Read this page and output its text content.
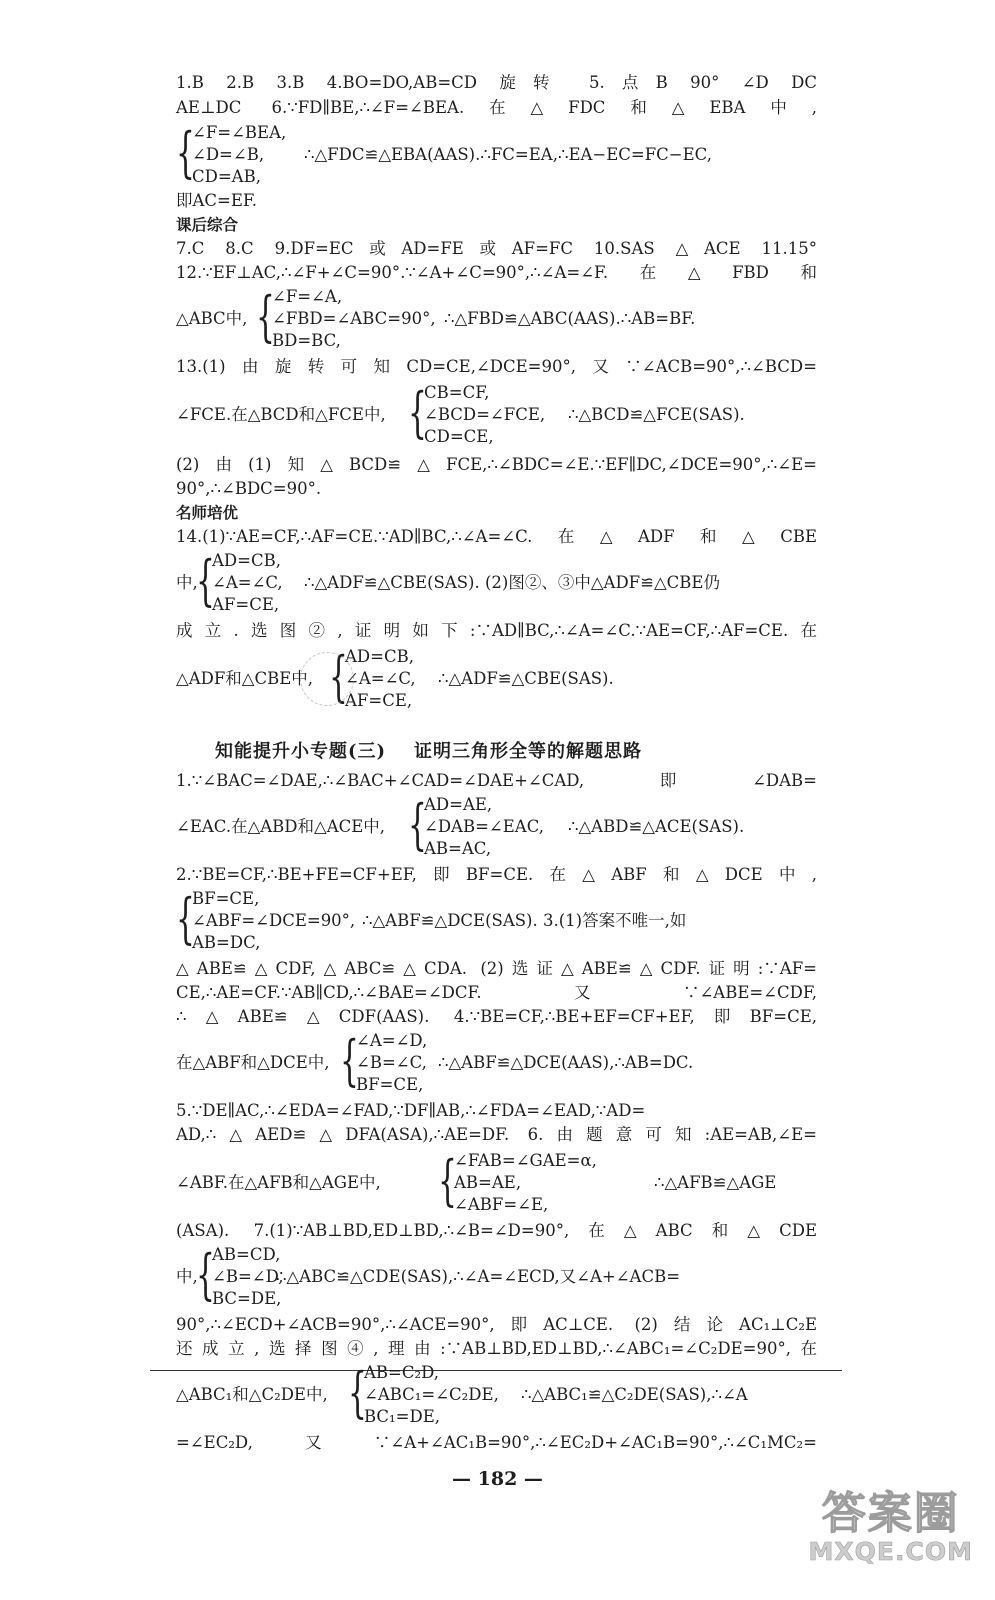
1.B 2.B 3.B 4.BO=DO,AB=CD 旋转 5.点B 90° ∠D DC
AE⊥DC 6.∵FD∥BE,∴∠F=∠BEA.在△FDC和△EBA中,
{
∠F=∠BEA,
∠D=∠B,
CD=AB,
∴△FDC≌△EBA(AAS).∴FC=EA,∴EA−EC=FC−EC,
即AC=EF.
课后综合
7.C 8.C 9.DF=EC或AD=FE或AF=FC 10.SAS △ACE 11.15°
12.∵EF⊥AC,∴∠F+∠C=90°.∵∠A+∠C=90°,∴∠A=∠F.在△FBD和
△ABC中, {
∠F=∠A,
∠FBD=∠ABC=90°,
BD=BC,
∴△FBD≌△ABC(AAS).∴AB=BF.
13.(1)由旋转可知CD=CE,∠DCE=90°,又∵∠ACB=90°,∴∠BCD=
∠FCE.在△BCD和△FCE中, {
CB=CF,
∠BCD=∠FCE,
CD=CE,
∴△BCD≌△FCE(SAS).
(2)由(1)知△BCD≌△FCE,∴∠BDC=∠E.∵EF∥DC,∠DCE=90°,∴∠E=
90°,∴∠BDC=90°.
名师培优
14.(1)∵AE=CF,∴AF=CE.∵AD∥BC,∴∠A=∠C.在△ADF和△CBE
中,
{
AD=CB,
∠A=∠C,
AF=CE,
∴△ADF≌△CBE(SAS). (2)图②、③中△ADF≌△CBE仍
成立.选图②,证明如下:∵AD∥BC,∴∠A=∠C.∵AE=CF,∴AF=CE.在
△ADF和△CBE中, {
AD=CB,
∠A=∠C,
AF=CE,
∴△ADF≌△CBE(SAS).
知能提升小专题(三) 证明三角形全等的解题思路
1.∵∠BAC=∠DAE,∴∠BAC+∠CAD=∠DAE+∠CAD,即∠DAB=
∠EAC.在△ABD和△ACE中, {
AD=AE,
∠DAB=∠EAC,
AB=AC,
∴△ABD≌△ACE(SAS).
2.∵BE=CF,∴BE+FE=CF+EF,即BF=CE.在△ABF和△DCE中,
{
BF=CE,
∠ABF=∠DCE=90°,
AB=DC,
∴△ABF≌△DCE(SAS). 3.(1)答案不唯一,如
△ABE≌△CDF,△ABC≌△CDA. (2)选证△ABE≌△CDF.证明:∵AF=
CE,∴AE=CF.∵AB∥CD,∴∠BAE=∠DCF.又∵∠ABE=∠CDF,
∴△ABE≌△CDF(AAS). 4.∵BE=CF,∴BE+EF=CF+EF,即BF=CE,
在△ABF和△DCE中, {
∠A=∠D,
∠B=∠C,
BF=CE,
∴△ABF≌△DCE(AAS),∴AB=DC.
5.∵DE∥AC,∴∠EDA=∠FAD,∵DF∥AB,∴∠FDA=∠EAD,∵AD=
AD,∴△AED≌△DFA(ASA),∴AE=DF. 6.由题意可知:AE=AB,∠E=
∠ABF.在△AFB和△AGE中, {
∠FAB=∠GAE=α,
AB=AE,
∠ABF=∠E,
∴△AFB≌△AGE
(ASA). 7.(1)∵AB⊥BD,ED⊥BD,∴∠B=∠D=90°,在△ABC和△CDE
中,
{
AB=CD,
∠B=∠D,
BC=DE,
∴△ABC≌△CDE(SAS),∴∠A=∠ECD,又∠A+∠ACB=
90°,∴∠ECD+∠ACB=90°,∴∠ACE=90°,即AC⊥CE. (2)结论AC₁⊥C₂E
还成立,选择图④,理由:∵AB⊥BD,ED⊥BD,∴∠ABC₁=∠C₂DE=90°,在
△ABC₁和△C₂DE中, {
AB=C₂D,
∠ABC₁=∠C₂DE,
BC₁=DE,
∴△ABC₁≌△C₂DE(SAS),∴∠A
=∠EC₂D,又∵∠A+∠AC₁B=90°,∴∠EC₂D+∠AC₁B=90°,∴∠C₁MC₂=
— 182 —
答案圈
MXQE.COM
